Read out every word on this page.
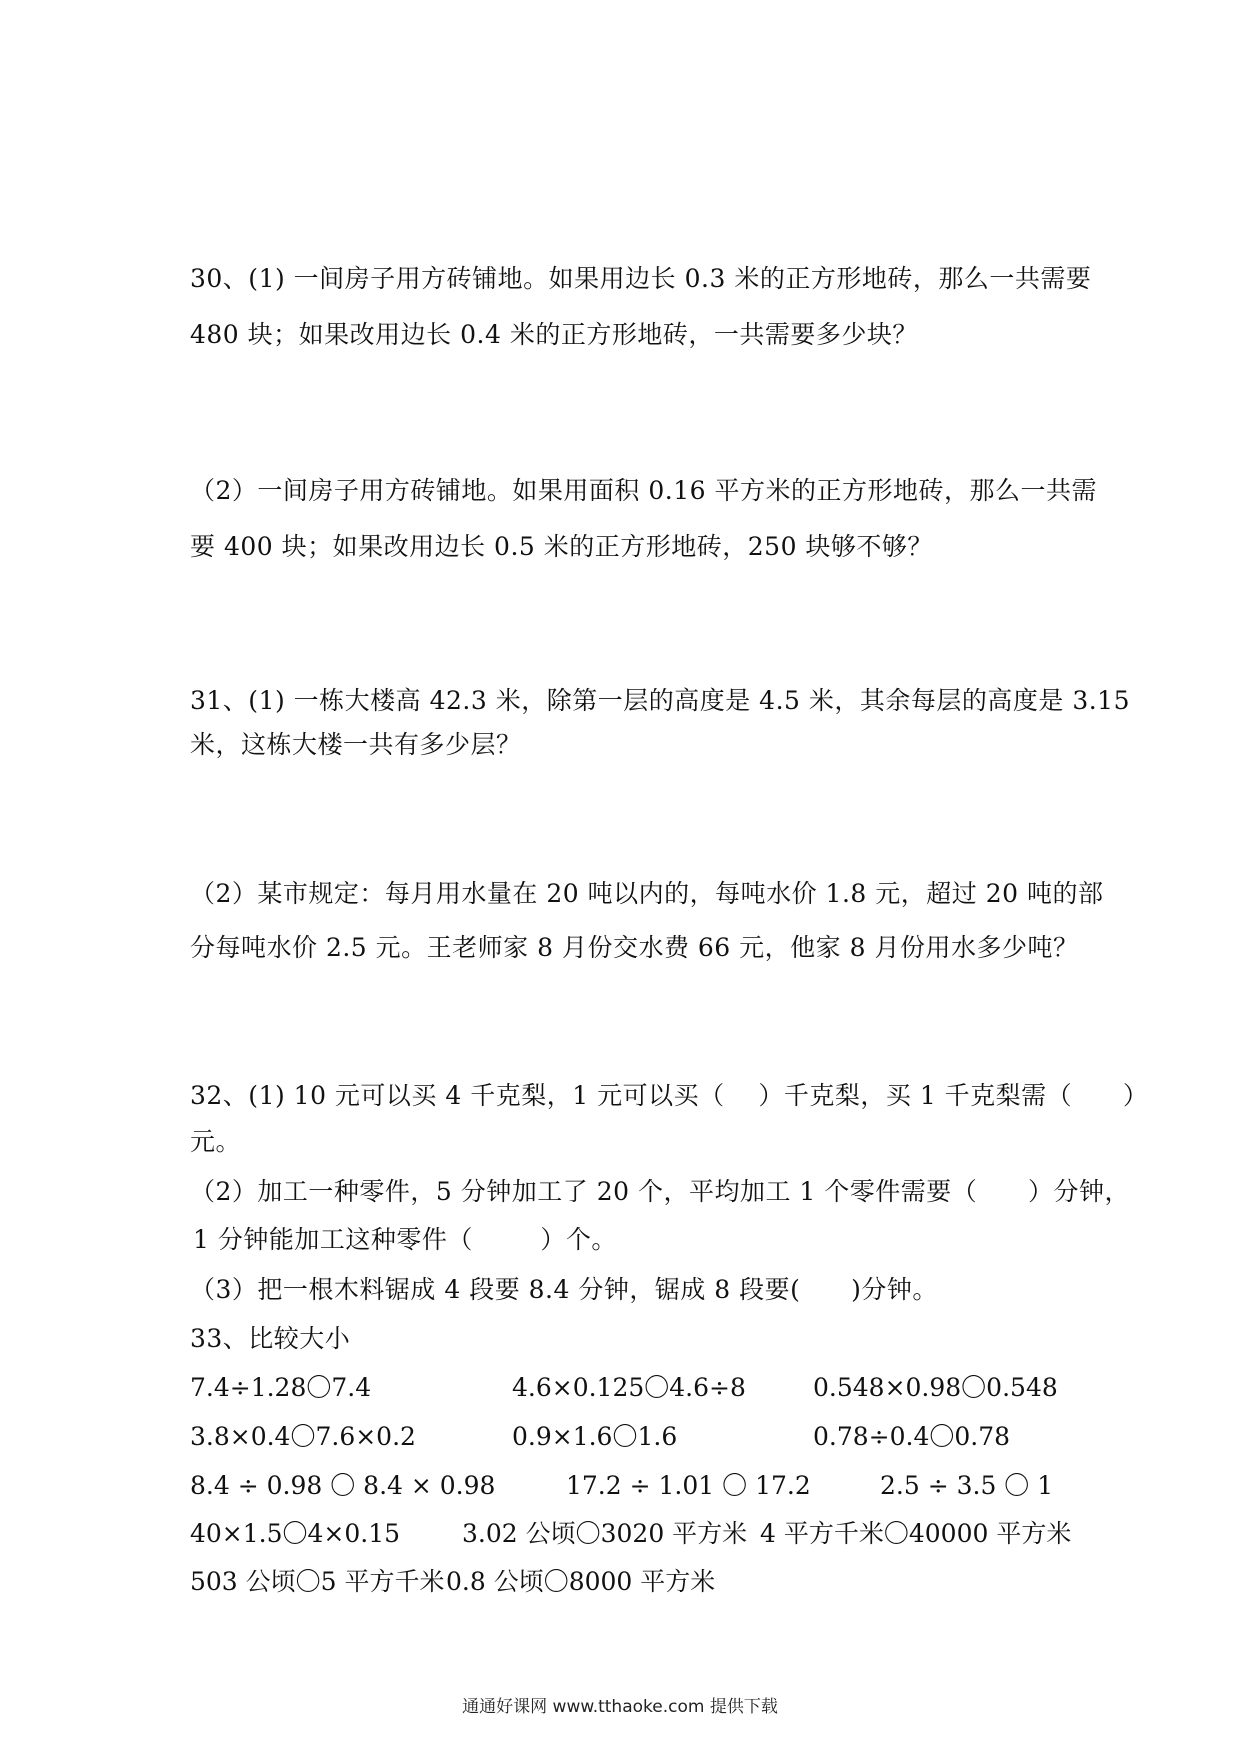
30、(1) 一间房子用方砖铺地。如果用边长 0.3 米的正方形地砖，那么一共需要
480 块；如果改用边长 0.4 米的正方形地砖，一共需要多少块？
（2）一间房子用方砖铺地。如果用面积 0.16 平方米的正方形地砖，那么一共需
要 400 块；如果改用边长 0.5 米的正方形地砖，250 块够不够？
31、(1) 一栋大楼高 42.3 米，除第一层的高度是 4.5 米，其余每层的高度是 3.15
米，这栋大楼一共有多少层？
（2）某市规定：每月用水量在 20 吨以内的，每吨水价 1.8 元，超过 20 吨的部
分每吨水价 2.5 元。王老师家 8 月份交水费 66 元，他家 8 月份用水多少吨？
32、(1) 10 元可以买 4 千克梨，1 元可以买（    ）千克梨，买 1 千克梨需（      ）
元。
（2）加工一种零件，5 分钟加工了 20 个，平均加工 1 个零件需要（      ）分钟，
1 分钟能加工这种零件（        ）个。
（3）把一根木料锯成 4 段要 8.4 分钟，锯成 8 段要(      )分钟。
33、比较大小
7.4÷1.28〇7.4	4.6×0.125〇4.6÷8	0.548×0.98〇0.548
3.8×0.4〇7.6×0.2	0.9×1.6〇1.6	0.78÷0.4〇0.78
8.4 ÷ 0.98 〇 8.4 × 0.98	17.2 ÷ 1.01 〇 17.2	2.5 ÷ 3.5 〇 1
40×1.5〇4×0.15 3.02 公顷〇3020 平方米 4 平方千米〇40000 平方米
503 公顷〇5 平方千米 0.8 公顷〇8000 平方米
通通好课网 www.tthaoke.com 提供下载
